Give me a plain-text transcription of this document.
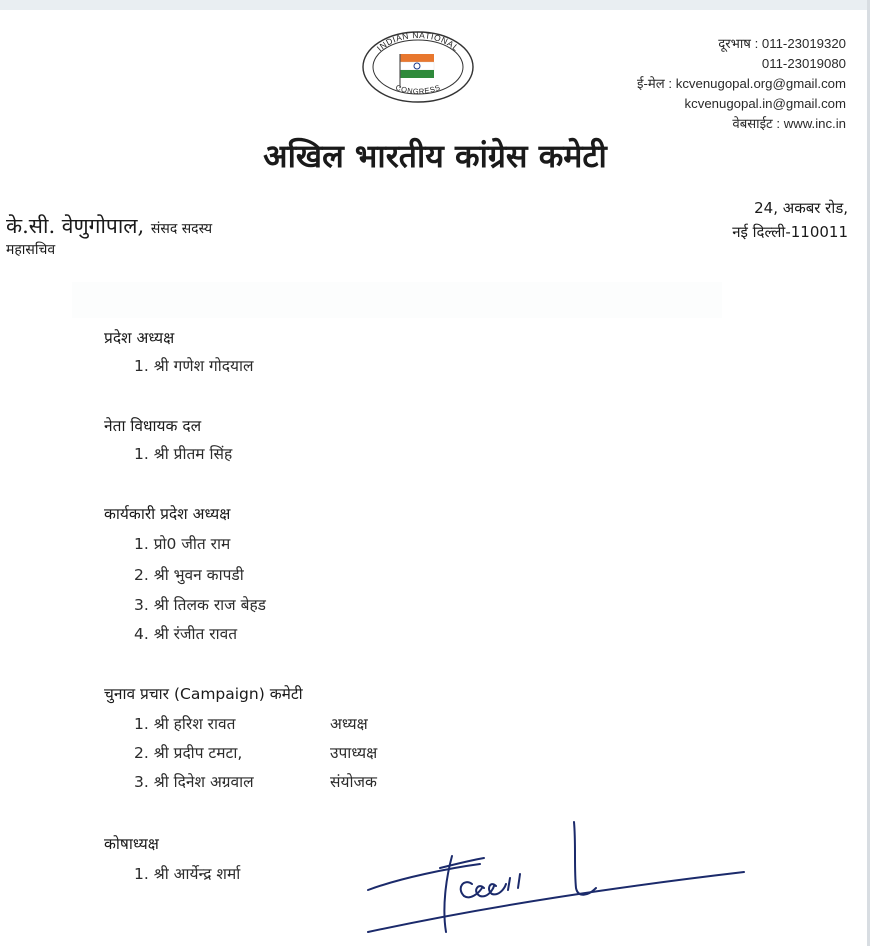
INDIAN NATIONAL
CONGRESS
दूरभाष : 011-23019320
011-23019080
ई-मेल : kcvenugopal.org@gmail.com
kcvenugopal.in@gmail.com
वेबसाईट : www.inc.in
अखिल भारतीय कांग्रेस कमेटी
के.सी. वेणुगोपाल, संसद सदस्य
महासचिव
24, अकबर रोड,
नई दिल्ली-110011
प्रदेश अध्यक्ष
1. श्री गणेश गोदयाल
नेता विधायक दल
1. श्री प्रीतम सिंह
कार्यकारी प्रदेश अध्यक्ष
1. प्रो0 जीत राम
2. श्री भुवन कापडी
3. श्री तिलक राज बेहड
4. श्री रंजीत रावत
चुनाव प्रचार (Campaign) कमेटी
1. श्री हरिश रावत	अध्यक्ष
2. श्री प्रदीप टमटा,	उपाध्यक्ष
3. श्री दिनेश अग्रवाल	संयोजक
कोषाध्यक्ष
1. श्री आर्येन्द्र शर्मा
